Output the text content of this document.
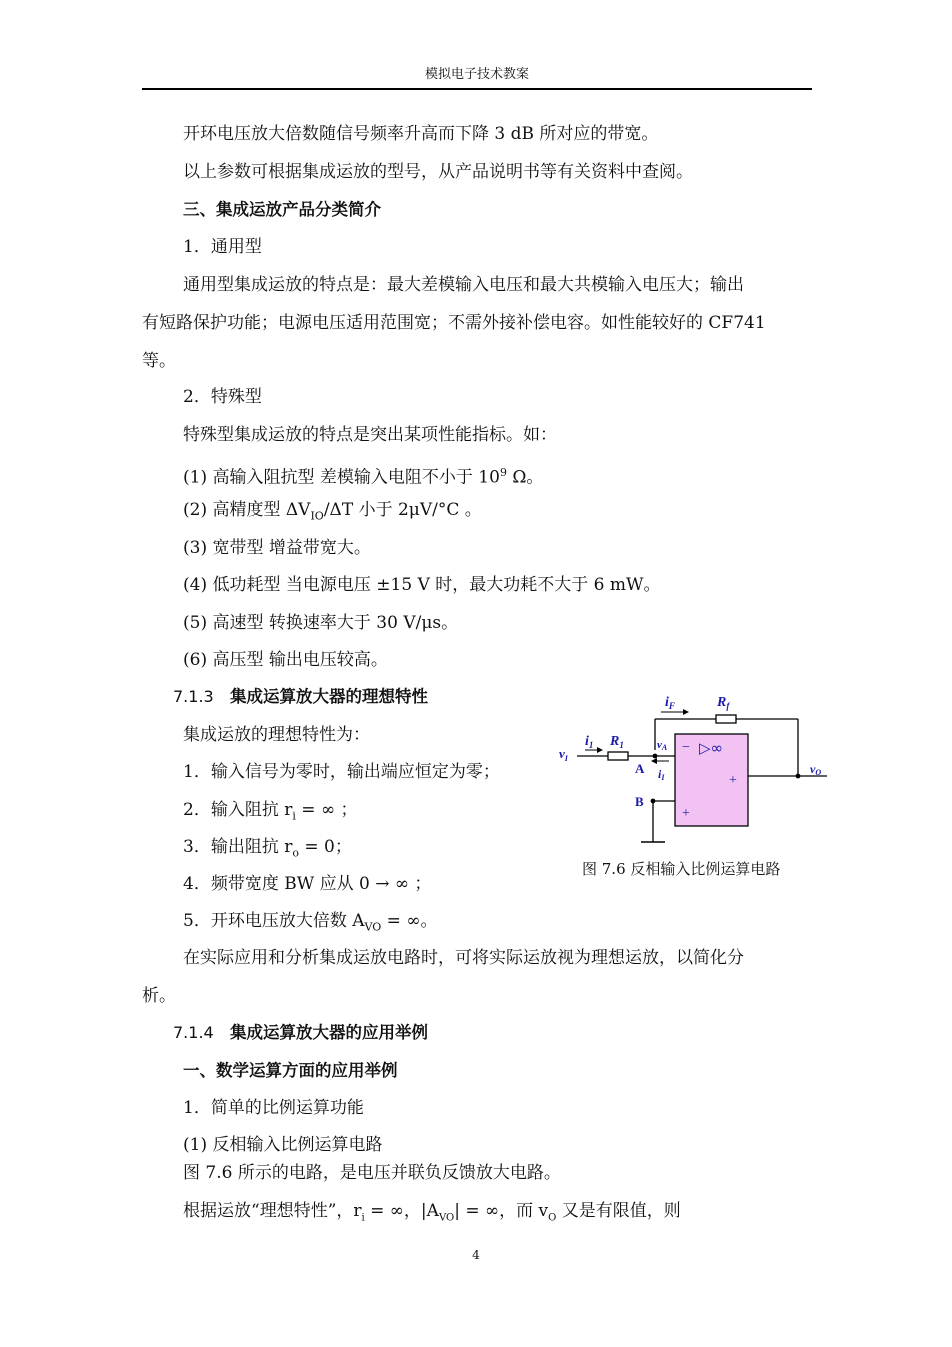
模拟电子技术教案
开环电压放大倍数随信号频率升高而下降 3 dB 所对应的带宽。
以上参数可根据集成运放的型号，从产品说明书等有关资料中查阅。
三、集成运放产品分类简介
1．通用型
通用型集成运放的特点是：最大差模输入电压和最大共模输入电压大；输出
有短路保护功能；电源电压适用范围宽；不需外接补偿电容。如性能较好的 CF741
等。
2．特殊型
特殊型集成运放的特点是突出某项性能指标。如：
(1) 高输入阻抗型 差模输入电阻不小于 $10^9$ Ω。
(2) 高精度型 $\Delta V_{IO}/\Delta T$ 小于 2μV/°C 。
(3) 宽带型 增益带宽大。
(4) 低功耗型 当电源电压 ±15 V 时，最大功耗不大于 6 mW。
(5) 高速型 转换速率大于 30 V/μs。
(6) 高压型 输出电压较高。
7.1.3 集成运算放大器的理想特性
集成运放的理想特性为：
1．输入信号为零时，输出端应恒定为零；
2．输入阻抗 $r_i$ = ∞ ；
3．输出阻抗 $r_o = 0$；
4．频带宽度 BW 应从 0 → ∞ ；
5．开环电压放大倍数 $A_{VO}$ = ∞。
在实际应用和分析集成运放电路时，可将实际运放视为理想运放，以简化分
析。
7.1.4 集成运算放大器的应用举例
一、数学运算方面的应用举例
1．简单的比例运算功能
(1) 反相输入比例运算电路
图 7.6 所示的电路，是电压并联负反馈放大电路。
根据运放“理想特性”，$r_i$ = ∞，$|A_{VO}|$ = ∞，而 $v_O$ 又是有限值，则
$i_F$	$R_f$
$i_1$ $R_1$
$v_I$
vA
A iI
B
− ▷∞
+
+
vO
图 7.6 反相输入比例运算电路
4
